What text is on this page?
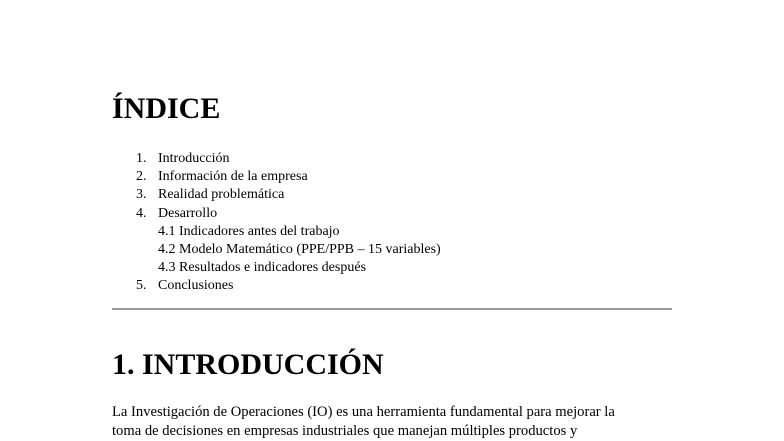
ÍNDICE
1. Introducción
2. Información de la empresa
3. Realidad problemática
4. Desarrollo
4.1 Indicadores antes del trabajo
4.2 Modelo Matemático (PPE/PPB – 15 variables)
4.3 Resultados e indicadores después
5. Conclusiones
1. INTRODUCCIÓN

La Investigación de Operaciones (IO) es una herramienta fundamental para mejorar la
toma de decisiones en empresas industriales que manejan múltiples productos y
